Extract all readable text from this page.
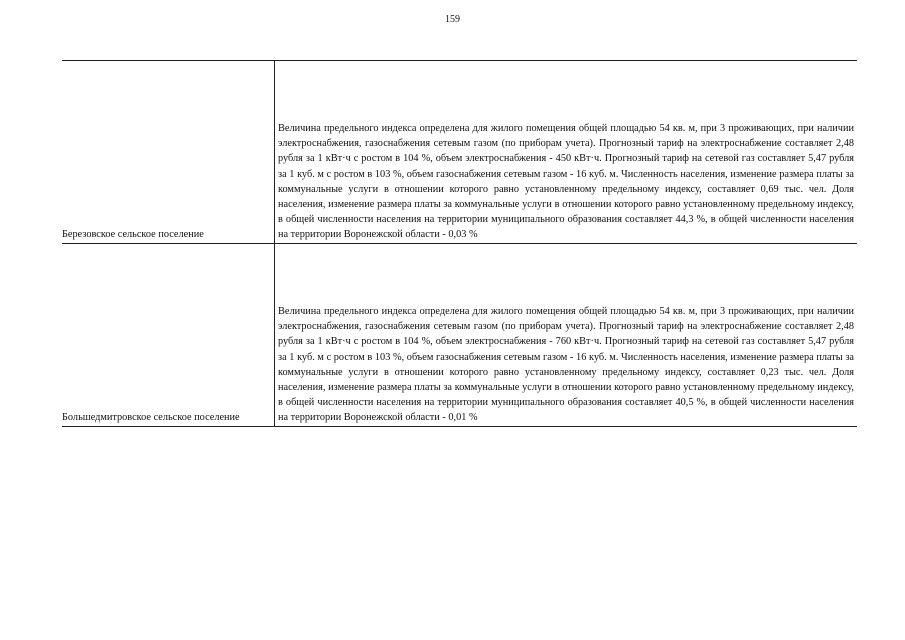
159
Березовское сельское поселение	Величина предельного индекса определена для жилого помещения общей площадью 54 кв. м, при 3 проживающих, при наличии электроснабжения, газоснабжения сетевым газом (по приборам учета). Прогнозный тариф на электроснабжение составляет 2,48 рубля за 1 кВт·ч с ростом в 104 %, объем электроснабжения - 450 кВт·ч. Прогнозный тариф на сетевой газ составляет 5,47 рубля за 1 куб. м с ростом в 103 %, объем газоснабжения сетевым газом - 16 куб. м. Численность населения, изменение размера платы за коммунальные услуги в отношении которого равно установленному предельному индексу, составляет 0,69 тыс. чел. Доля населения, изменение размера платы за коммунальные услуги в отношении которого равно установленному предельному индексу, в общей численности населения на территории муниципального образования составляет 44,3 %, в общей численности населения на территории Воронежской области - 0,03 %

Большедмитровское сельское поселение	Величина предельного индекса определена для жилого помещения общей площадью 54 кв. м, при 3 проживающих, при наличии электроснабжения, газоснабжения сетевым газом (по приборам учета). Прогнозный тариф на электроснабжение составляет 2,48 рубля за 1 кВт·ч с ростом в 104 %, объем электроснабжения - 760 кВт·ч. Прогнозный тариф на сетевой газ составляет 5,47 рубля за 1 куб. м с ростом в 103 %, объем газоснабжения сетевым газом - 16 куб. м. Численность населения, изменение размера платы за коммунальные услуги в отношении которого равно установленному предельному индексу, составляет 0,23 тыс. чел. Доля населения, изменение размера платы за коммунальные услуги в отношении которого равно установленному предельному индексу, в общей численности населения на территории муниципального образования составляет 40,5 %, в общей численности населения на территории Воронежской области - 0,01 %
